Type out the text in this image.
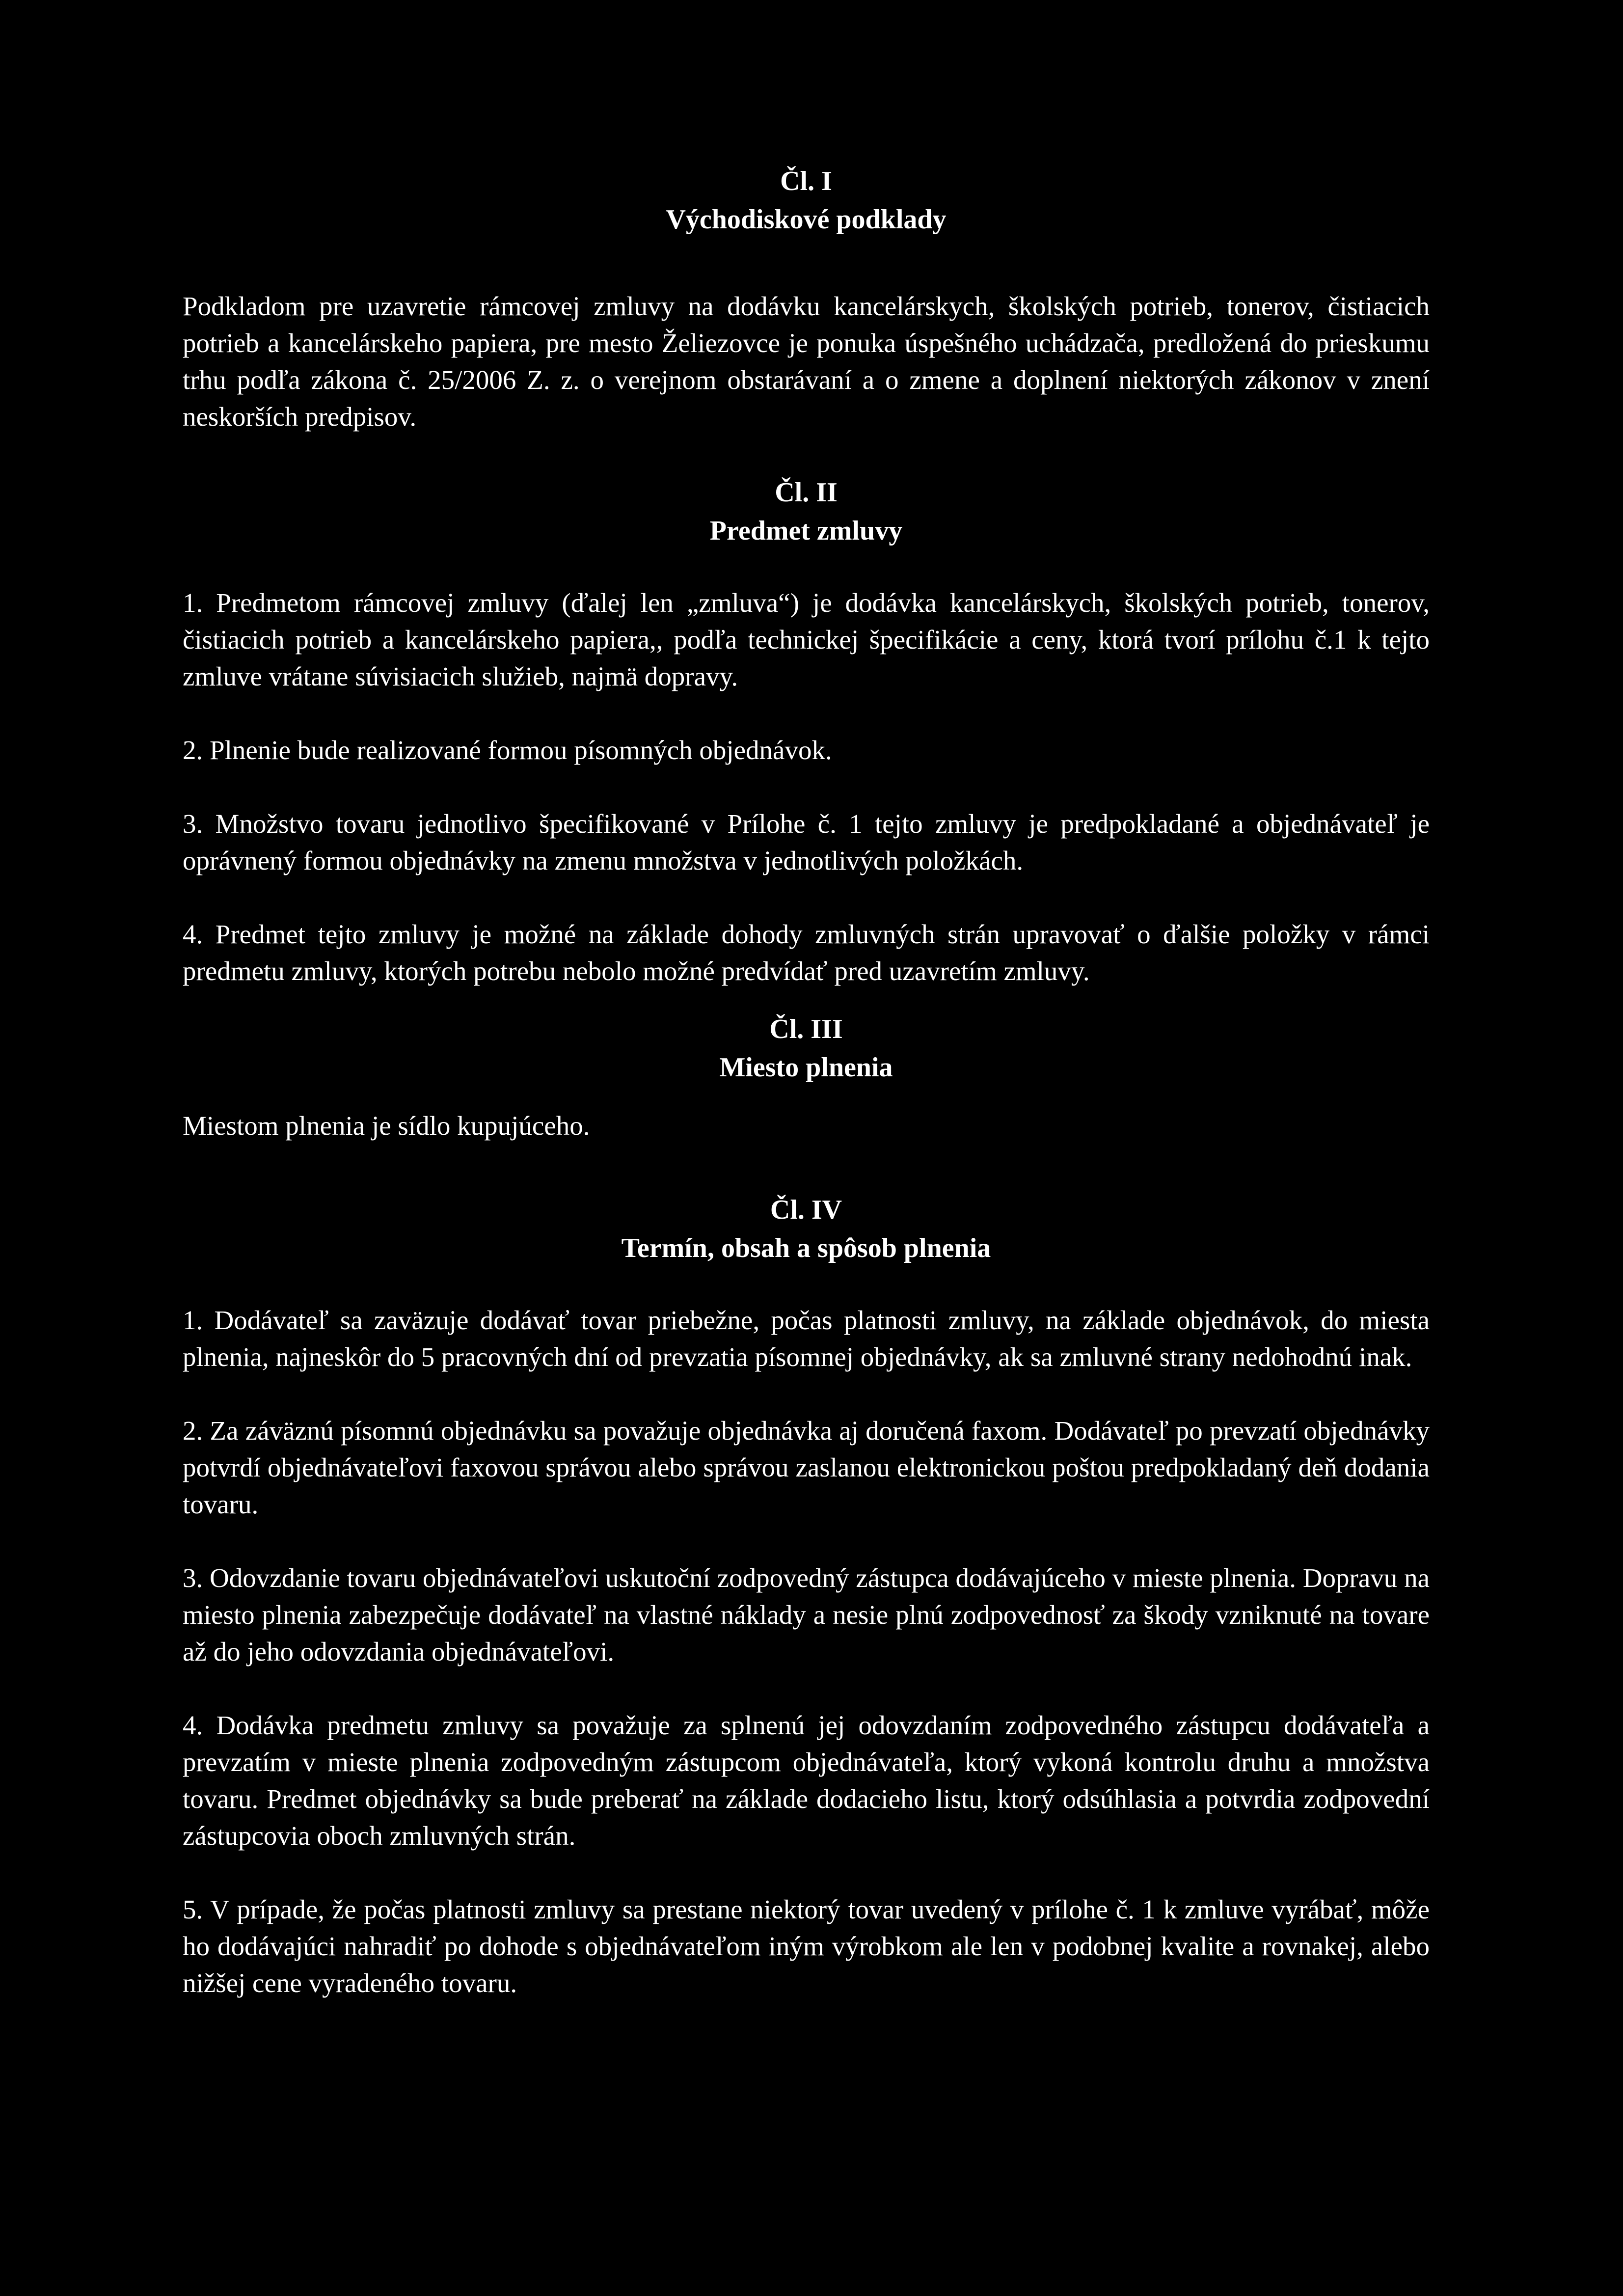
Čl. I
Východiskové podklady

Podkladom pre uzavretie rámcovej zmluvy na dodávku kancelárskych, školských potrieb, tonerov, čistiacich potrieb a kancelárskeho papiera, pre mesto Želiezovce je ponuka úspešného uchádzača, predložená do prieskumu trhu podľa zákona č. 25/2006 Z. z. o verejnom obstarávaní a o zmene a doplnení niektorých zákonov v znení neskorších predpisov.

Čl. II
Predmet zmluvy

1. Predmetom rámcovej zmluvy (ďalej len „zmluva“) je dodávka kancelárskych, školských potrieb, tonerov, čistiacich potrieb a kancelárskeho papiera,, podľa technickej špecifikácie a ceny, ktorá tvorí prílohu č.1 k tejto zmluve vrátane súvisiacich služieb, najmä dopravy.

2. Plnenie bude realizované formou písomných objednávok.

3. Množstvo tovaru jednotlivo špecifikované v Prílohe č. 1 tejto zmluvy je predpokladané a objednávateľ je oprávnený formou objednávky na zmenu množstva v jednotlivých položkách.

4. Predmet tejto zmluvy je možné na základe dohody zmluvných strán upravovať o ďalšie položky v rámci predmetu zmluvy, ktorých potrebu nebolo možné predvídať pred uzavretím zmluvy.

Čl. III
Miesto plnenia

Miestom plnenia je sídlo kupujúceho.

Čl. IV
Termín, obsah a spôsob plnenia

1. Dodávateľ sa zaväzuje dodávať tovar priebežne, počas platnosti zmluvy, na základe objednávok, do miesta plnenia, najneskôr do 5 pracovných dní od prevzatia písomnej objednávky, ak sa zmluvné strany nedohodnú inak.

2. Za záväznú písomnú objednávku sa považuje objednávka aj doručená faxom. Dodávateľ po prevzatí objednávky potvrdí objednávateľovi faxovou správou alebo správou zaslanou elektronickou poštou predpokladaný deň dodania tovaru.

3. Odovzdanie tovaru objednávateľovi uskutoční zodpovedný zástupca dodávajúceho v mieste plnenia. Dopravu na miesto plnenia zabezpečuje dodávateľ na vlastné náklady a nesie plnú zodpovednosť za škody vzniknuté na tovare až do jeho odovzdania objednávateľovi.

4. Dodávka predmetu zmluvy sa považuje za splnenú jej odovzdaním zodpovedného zástupcu dodávateľa a prevzatím v mieste plnenia zodpovedným zástupcom objednávateľa, ktorý vykoná kontrolu druhu a množstva tovaru. Predmet objednávky sa bude preberať na základe dodacieho listu, ktorý odsúhlasia a potvrdia zodpovední zástupcovia oboch zmluvných strán.

5. V prípade, že počas platnosti zmluvy sa prestane niektorý tovar uvedený v prílohe č. 1 k zmluve vyrábať, môže ho dodávajúci nahradiť po dohode s objednávateľom iným výrobkom ale len v podobnej kvalite a rovnakej, alebo nižšej cene vyradeného tovaru.
